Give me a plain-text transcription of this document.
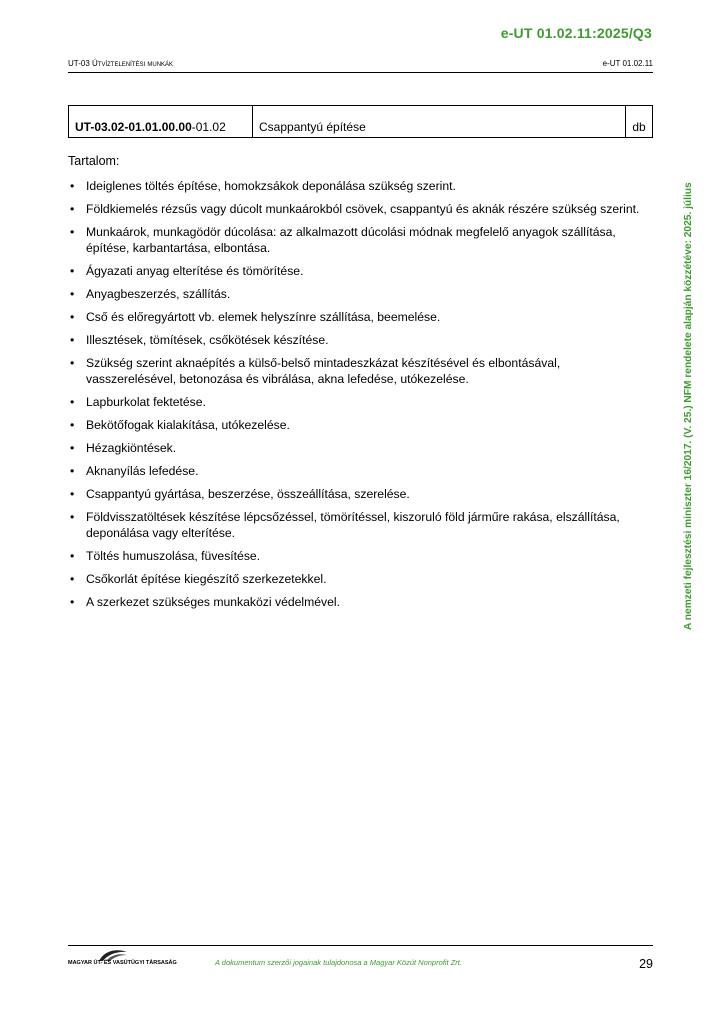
e-UT 01.02.11:2025/Q3
UT-03 Útvíztelenítési munkák	e-UT 01.02.11
UT-03.02-01.01.00.00 -01.02	Csappantyú építése	db
Tartalom:
• Ideiglenes töltés építése, homokzsákok deponálása szükség szerint.
• Földkiemelés rézsűs vagy dúcolt munkaárokból csövek, csappantyú és aknák részére szükség szerint.
• Munkaárok, munkagödör dúcolása: az alkalmazott dúcolási módnak megfelelő anyagok szállítása, építése, karbantartása, elbontása.
• Ágyazati anyag elterítése és tömörítése.
• Anyagbeszerzés, szállítás.
• Cső és előregyártott vb. elemek helyszínre szállítása, beemelése.
• Illesztések, tömítések, csőkötések készítése.
• Szükség szerint aknaépítés a külső-belső mintadeszkázat készítésével és elbontásával, vasszerelésével, betonozása és vibrálása, akna lefedése, utókezelése.
• Lapburkolat fektetése.
• Bekötőfogak kialakítása, utókezelése.
• Hézagkiöntések.
• Aknanyílás lefedése.
• Csappantyú gyártása, beszerzése, összeállítása, szerelése.
• Földvisszatöltések készítése lépcsőzéssel, tömörítéssel, kiszoruló föld járműre rakása, elszállítása, deponálása vagy elterítése.
• Töltés humuszolása, füvesítése.
• Csőkorlát építése kiegészítő szerkezetekkel.
• A szerkezet szükséges munkaközi védelmével.	A nemzeti fejlesztési miniszter 16/2017. (V. 25.) NFM rendelete alapján közzétéve: 2025. július
MAGYAR ÚT- ÉS VASÚTÜGYI TÁRSASÁG	A dokumentum szerzői jogainak tulajdonosa a Magyar Közút Nonprofit Zrt.	29
